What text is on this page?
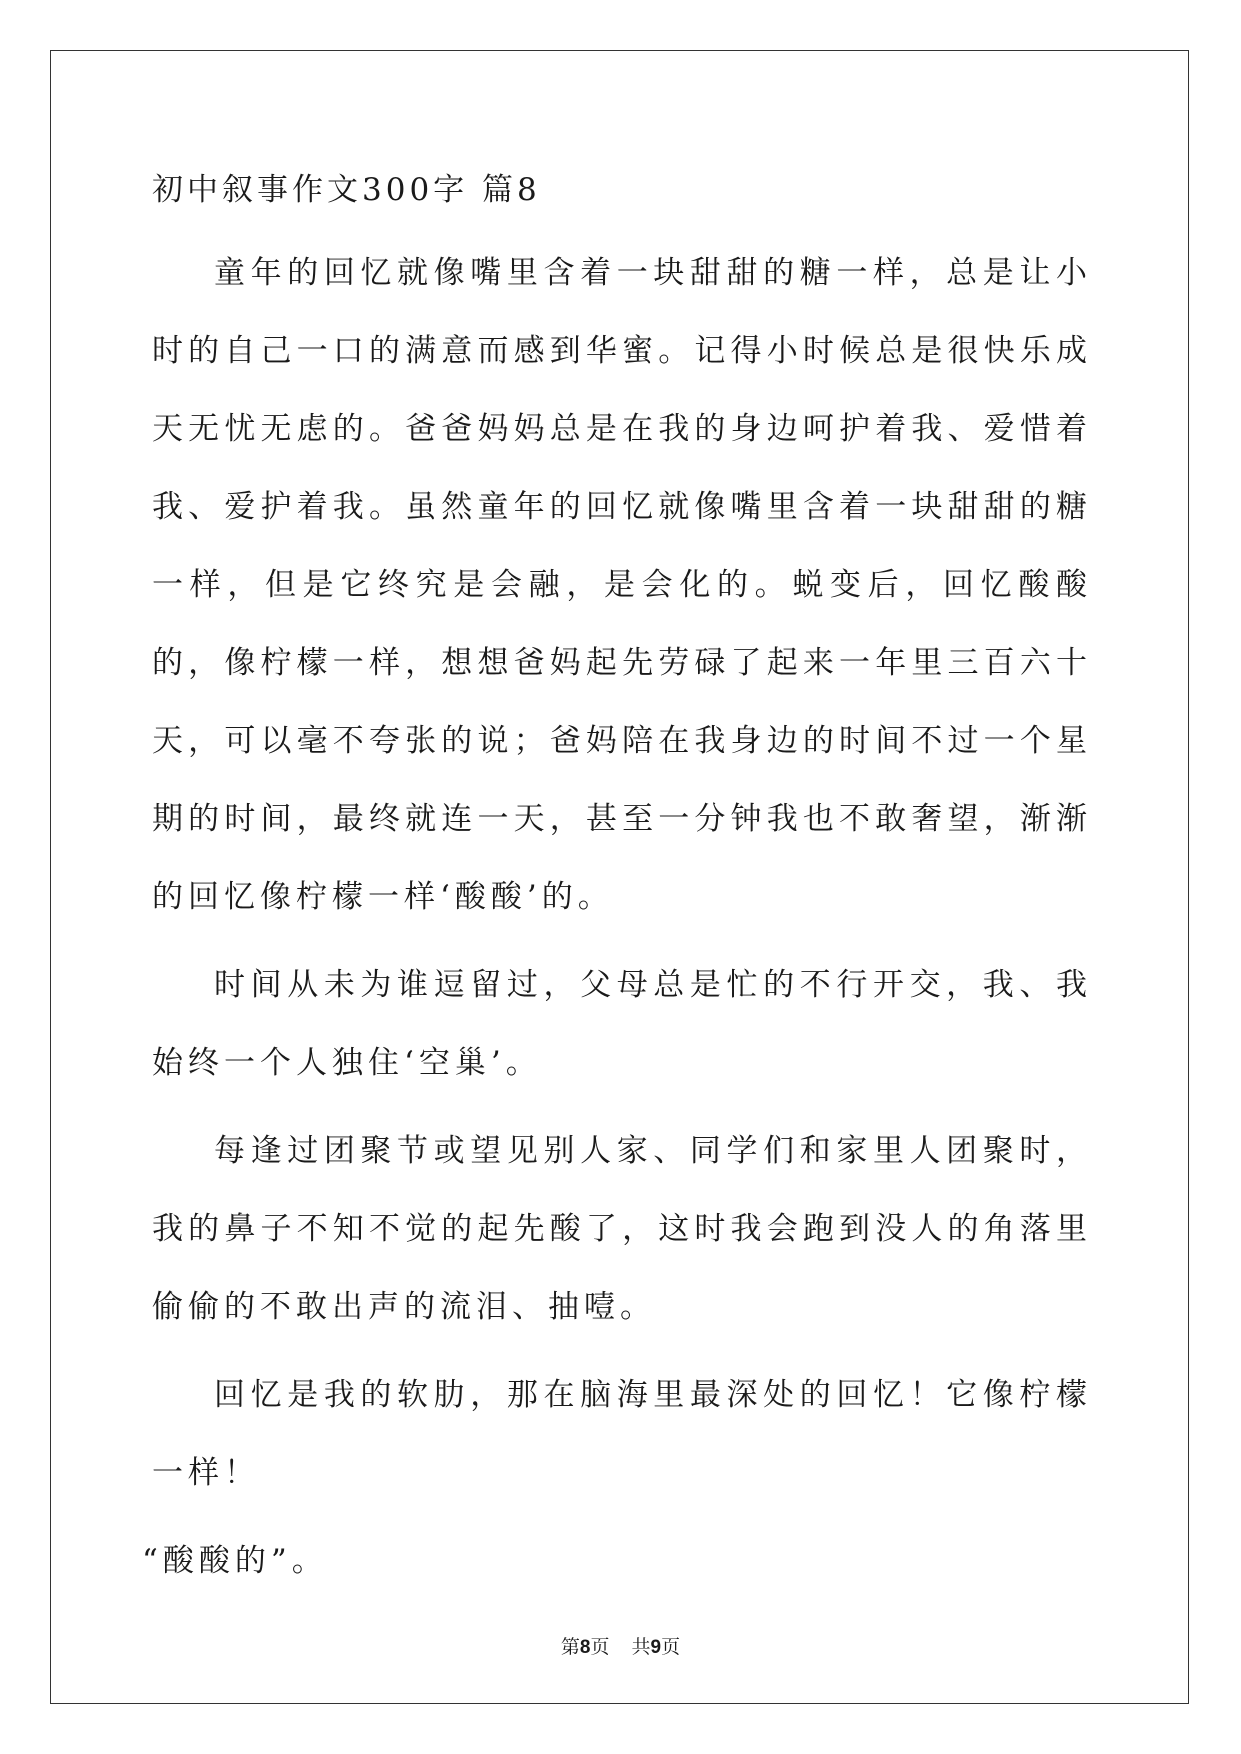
初中叙事作文300字 篇8

童年的回忆就像嘴里含着一块甜甜的糖一样，总是让小时的自己一口的满意而感到华蜜。记得小时候总是很快乐成天无忧无虑的。爸爸妈妈总是在我的身边呵护着我、爱惜着我、爱护着我。虽然童年的回忆就像嘴里含着一块甜甜的糖一样，但是它终究是会融，是会化的。蜕变后，回忆酸酸的，像柠檬一样，想想爸妈起先劳碌了起来一年里三百六十天，可以毫不夸张的说；爸妈陪在我身边的时间不过一个星期的时间，最终就连一天，甚至一分钟我也不敢奢望，渐渐的回忆像柠檬一样‘酸酸’的。

时间从未为谁逗留过，父母总是忙的不行开交，我、我始终一个人独住‘空巢’。

每逢过团聚节或望见别人家、同学们和家里人团聚时，我的鼻子不知不觉的起先酸了，这时我会跑到没人的角落里偷偷的不敢出声的流泪、抽噎。

回忆是我的软肋，那在脑海里最深处的回忆！它像柠檬一样！

“酸酸的”。

第8页 共9页
